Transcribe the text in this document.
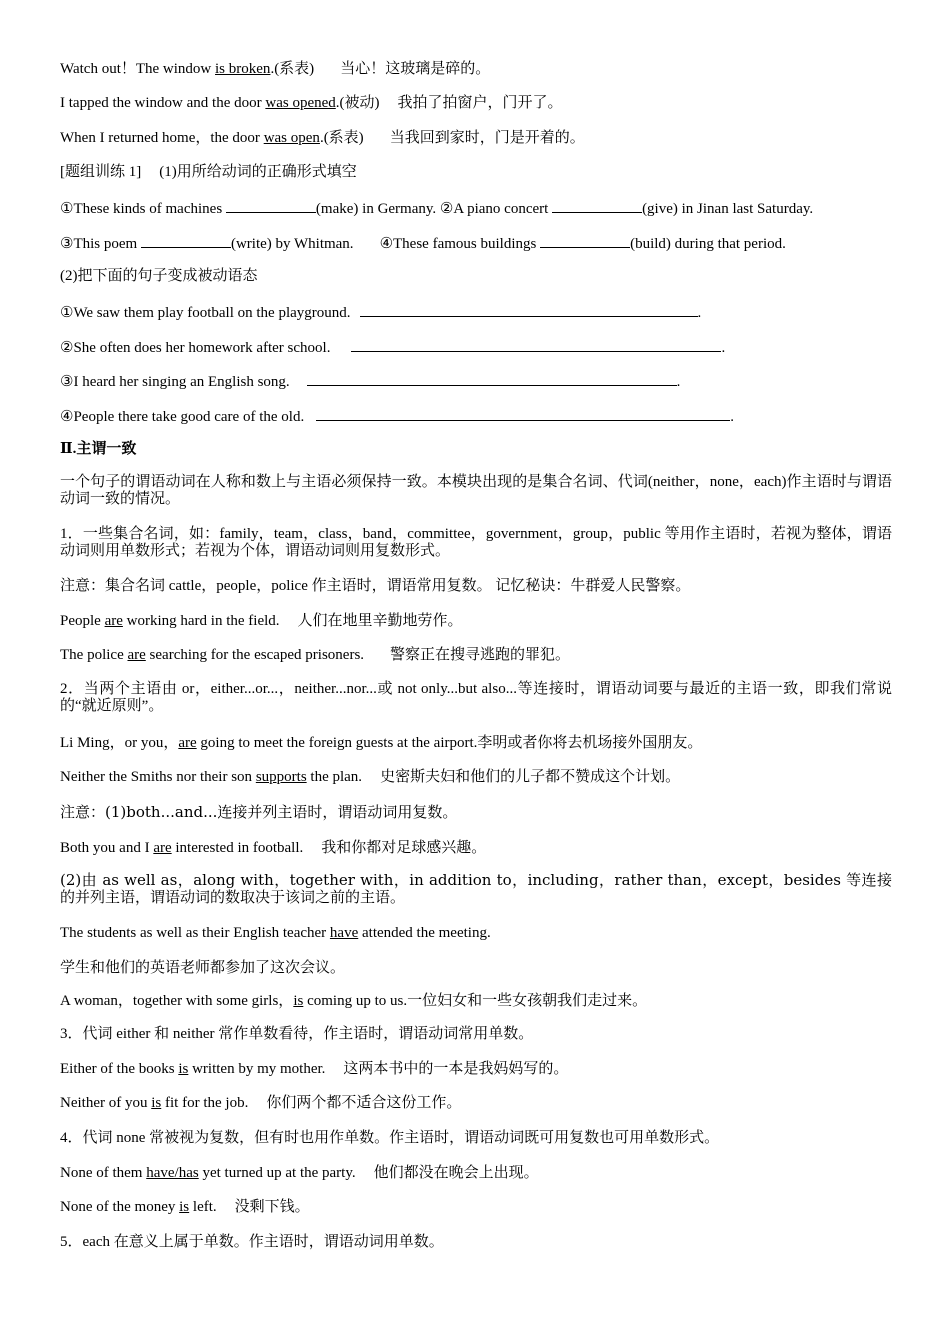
Watch out！The window is broken.(系表) 当心！这玻璃是碎的。
I tapped the window and the door was opened.(被动) 我拍了拍窗户，门开了。
When I returned home，the door was open.(系表) 当我回到家时，门是开着的。
[题组训练 1] (1)用所给动词的正确形式填空
①These kinds of machines	(make) in Germany. ②A piano concert	(give) in Jinan last Saturday.
③This poem	(write) by Whitman. ④These famous buildings	(build) during that period.
(2)把下面的句子变成被动语态
①We saw them play football on the playground.	.
②She often does her homework after school.	.
③I heard her singing an English song.	.
④People there take good care of the old.	.
Ⅱ.主谓一致
一个句子的谓语动词在人称和数上与主语必须保持一致。本模块出现的是集合名词、代词(neither，none，each)作主语时与谓语动词一致的情况。
1．一些集合名词，如：family，team，class，band，committee，government，group，public 等用作主语时，若视为整体，谓语动词则用单数形式；若视为个体，谓语动词则用复数形式。
注意：集合名词 cattle，people，police 作主语时，谓语常用复数。 记忆秘诀：牛群爱人民警察。
People are working hard in the field. 人们在地里辛勤地劳作。
The police are searching for the escaped prisoners. 警察正在搜寻逃跑的罪犯。
2．当两个主语由 or，either...or...，neither...nor...或 not only...but also...等连接时，谓语动词要与最近的主语一致，即我们常说的“就近原则”。
Li Ming，or you，are going to meet the foreign guests at the airport.李明或者你将去机场接外国朋友。
Neither the Smiths nor their son supports the plan. 史密斯夫妇和他们的儿子都不赞成这个计划。
注意：(1)both...and...连接并列主语时，谓语动词用复数。
Both you and I are interested in football. 我和你都对足球感兴趣。
(2)由 as well as，along with，together with，in addition to，including，rather than，except，besides 等连接的并列主语，谓语动词的数取决于该词之前的主语。
The students as well as their English teacher have attended the meeting.
学生和他们的英语老师都参加了这次会议。
A woman，together with some girls，is coming up to us.一位妇女和一些女孩朝我们走过来。
3．代词 either 和 neither 常作单数看待，作主语时，谓语动词常用单数。
Either of the books is written by my mother. 这两本书中的一本是我妈妈写的。
Neither of you is fit for the job. 你们两个都不适合这份工作。
4．代词 none 常被视为复数，但有时也用作单数。作主语时，谓语动词既可用复数也可用单数形式。
None of them have/has yet turned up at the party. 他们都没在晚会上出现。
None of the money is left. 没剩下钱。
5．each 在意义上属于单数。作主语时，谓语动词用单数。
